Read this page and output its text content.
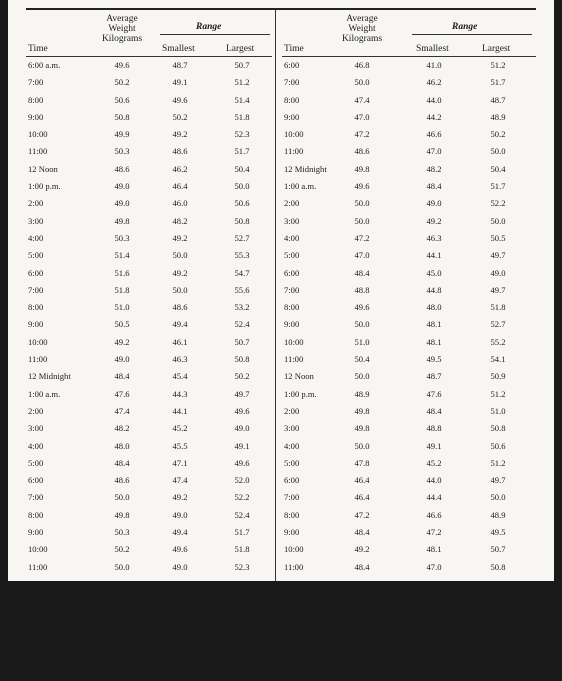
Time
Average
Weight
Kilograms
Range
Smallest	Largest
6:00 a.m.	49.6	48.7	50.7
7:00	50.2	49.1	51.2
8:00	50.6	49.6	51.4
9:00	50.8	50.2	51.8
10:00	49.9	49.2	52.3
11:00	50.3	48.6	51.7
12 Noon	48.6	46.2	50.4
1:00 p.m.	49.0	46.4	50.0
2:00	49.0	46.0	50.6
3:00	49.8	48.2	50.8
4:00	50.3	49.2	52.7
5:00	51.4	50.0	55.3
6:00	51.6	49.2	54.7
7:00	51.8	50.0	55.6
8:00	51.0	48.6	53.2
9:00	50.5	49.4	52.4
10:00	49.2	46.1	50.7
11:00	49.0	46.3	50.8
12 Midnight	48.4	45.4	50.2
1:00 a.m.	47.6	44.3	49.7
2:00	47.4	44.1	49.6
3:00	48.2	45.2	49.0
4:00	48.0	45.5	49.1
5:00	48.4	47.1	49.6
6:00	48.6	47.4	52.0
7:00	50.0	49.2	52.2
8:00	49.8	49.0	52.4
9:00	50.3	49.4	51.7
10:00	50.2	49.6	51.8
11:00	50.0	49.0	52.3
12 Noon	50.0	48.8	52.4
1:00 p.m.	50.1	49.4	53.6
2:00	49.7	48.6	51.0
3:00	48.4	47.2	51.7
4:00	47.2	45.3	50.9
5:00	46.8	44.1	49.0
Time
Average
Weight
Kilograms
Range
Smallest	Largest
6:00	46.8	41.0	51.2
7:00	50.0	46.2	51.7
8:00	47.4	44.0	48.7
9:00	47.0	44.2	48.9
10:00	47.2	46.6	50.2
11:00	48.6	47.0	50.0
12 Midnight	49.8	48.2	50.4
1:00 a.m.	49.6	48.4	51.7
2:00	50.0	49.0	52.2
3:00	50.0	49.2	50.0
4:00	47.2	46.3	50.5
5:00	47.0	44.1	49.7
6:00	48.4	45.0	49.0
7:00	48.8	44.8	49.7
8:00	49.6	48.0	51.8
9:00	50.0	48.1	52.7
10:00	51.0	48.1	55.2
11:00	50.4	49.5	54.1
12 Noon	50.0	48.7	50.9
1:00 p.m.	48.9	47.6	51.2
2:00	49.8	48.4	51.0
3:00	49.8	48.8	50.8
4:00	50.0	49.1	50.6
5:00	47.8	45.2	51.2
6:00	46.4	44.0	49.7
7:00	46.4	44.4	50.0
8:00	47.2	46.6	48.9
9:00	48.4	47.2	49.5
10:00	49.2	48.1	50.7
11:00	48.4	47.0	50.8
12 Midnight	47.2	46.4	49.2
1:00 a.m.	47.4	46.8	49.0
2:00	48.8	47.2	51.4
3:00	49.6	49.0	50.6
4:00	51.0	50.5	51.5
5:00	50.5	50.0	51.9
